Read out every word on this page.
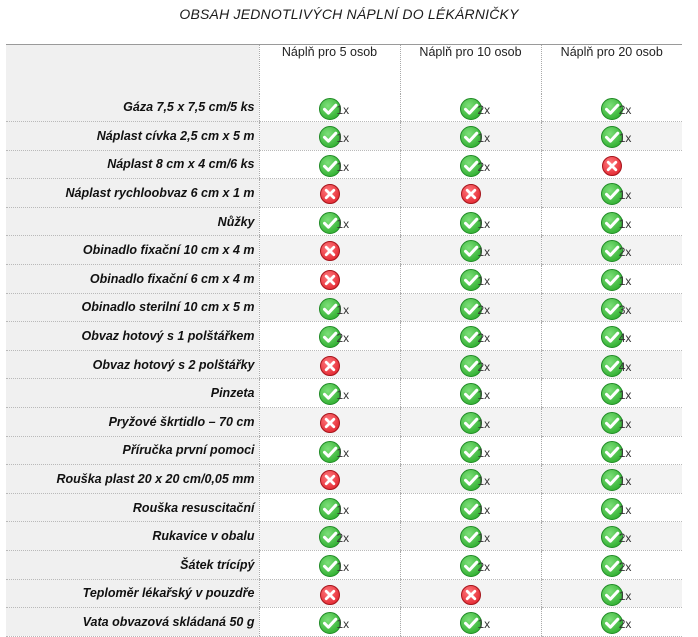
OBSAH JEDNOTLIVÝCH NÁPLNÍ DO LÉKÁRNIČKY
	Náplň pro 5 osob	Náplň pro 10 osob	Náplň pro 20 osob
Gáza 7,5 x 7,5 cm/5 ks	1x	2x	2x

Náplast cívka 2,5 cm x 5 m	1x	1x	1x

Náplast 8 cm x 4 cm/6 ks	1x	2x

Náplast rychloobvaz 6 cm x 1 m			1x

Nůžky	1x	1x	1x

Obinadlo fixační 10 cm x 4 m		1x	2x

Obinadlo fixační 6 cm x 4 m		1x	1x

Obinadlo sterilní 10 cm x 5 m	1x	2x	3x

Obvaz hotový s 1 polštářkem	2x	2x	4x

Obvaz hotový s 2 polštářky		2x	4x

Pinzeta	1x	1x	1x

Pryžové škrtidlo – 70 cm		1x	1x

Příručka první pomoci	1x	1x	1x

Rouška plast 20 x 20 cm/0,05 mm		1x	1x

Rouška resuscitační	1x	1x	1x

Rukavice v obalu	2x	1x	2x

Šátek trícípý	1x	2x	2x

Teploměr lékařský v pouzdře			1x

Vata obvazová skládaná 50 g	1x	1x	2x
